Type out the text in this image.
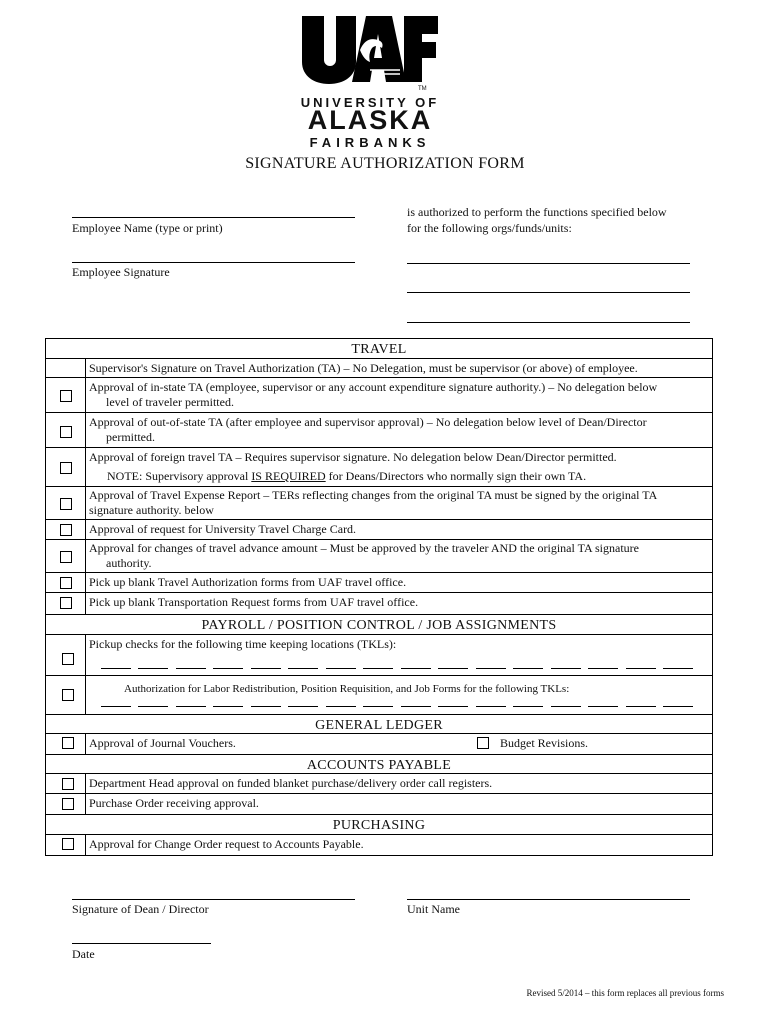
TM
UNIVERSITY OF
ALASKA
FAIRBANKS
SIGNATURE AUTHORIZATION FORM
Employee Name (type or print)
Employee Signature
is authorized to perform the functions specified below
for the following orgs/funds/units:
TRAVEL
Supervisor's Signature on Travel Authorization (TA) – No Delegation, must be supervisor (or above) of employee.
Approval of in-state TA (employee, supervisor or any account expenditure signature authority.) – No delegation below
level of traveler permitted.
Approval of out-of-state TA (after employee and supervisor approval) – No delegation below level of Dean/Director
permitted.
Approval of foreign travel TA – Requires supervisor signature. No delegation below Dean/Director permitted.
NOTE: Supervisory approval IS REQUIRED for Deans/Directors who normally sign their own TA.
Approval of Travel Expense Report – TERs reflecting changes from the original TA must be signed by the original TA
signature authority. below
Approval of request for University Travel Charge Card.
Approval for changes of travel advance amount – Must be approved by the traveler AND the original TA signature
authority.
Pick up blank Travel Authorization forms from UAF travel office.
Pick up blank Transportation Request forms from UAF travel office.
PAYROLL / POSITION CONTROL / JOB ASSIGNMENTS
Pickup checks for the following time keeping locations (TKLs):
Authorization for Labor Redistribution, Position Requisition, and Job Forms for the following TKLs:
GENERAL LEDGER
Approval of Journal Vouchers.	Budget Revisions.
ACCOUNTS PAYABLE
Department Head approval on funded blanket purchase/delivery order call registers.
Purchase Order receiving approval.
PURCHASING
Approval for Change Order request to Accounts Payable.
Signature of Dean / Director	Unit Name
Date
Revised 5/2014 – this form replaces all previous forms
